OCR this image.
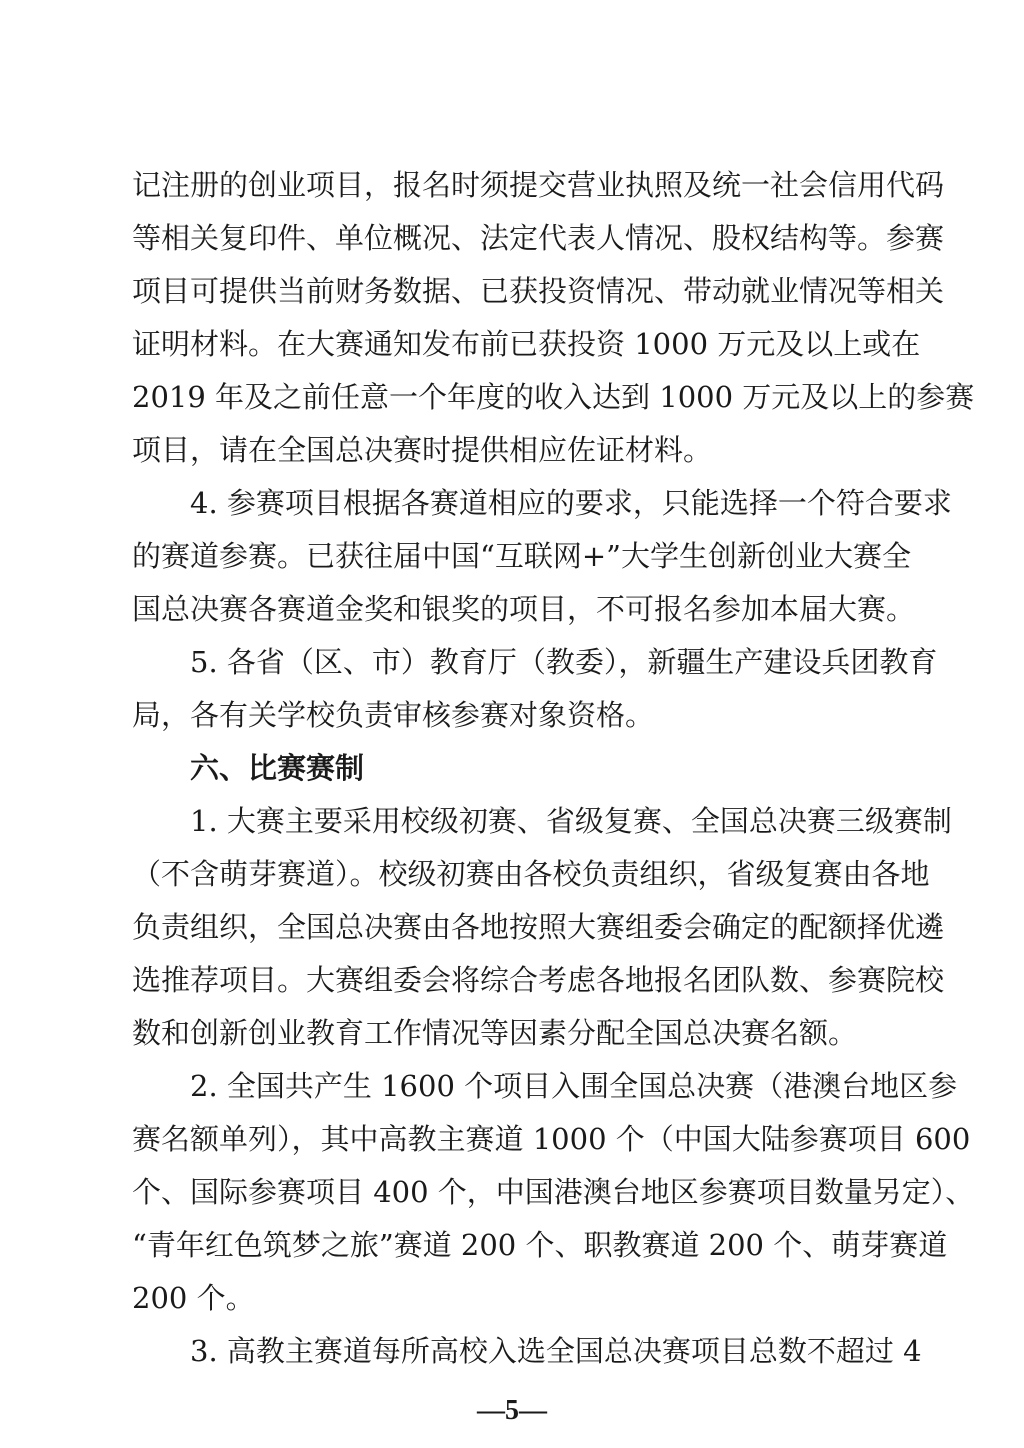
记注册的创业项目，报名时须提交营业执照及统一社会信用代码
等相关复印件、单位概况、法定代表人情况、股权结构等。参赛
项目可提供当前财务数据、已获投资情况、带动就业情况等相关
证明材料。在大赛通知发布前已获投资 1000 万元及以上或在
2019 年及之前任意一个年度的收入达到 1000 万元及以上的参赛
项目，请在全国总决赛时提供相应佐证材料。
4. 参赛项目根据各赛道相应的要求，只能选择一个符合要求
的赛道参赛。已获往届中国“互联网+”大学生创新创业大赛全
国总决赛各赛道金奖和银奖的项目，不可报名参加本届大赛。
5. 各省（区、市）教育厅（教委），新疆生产建设兵团教育
局，各有关学校负责审核参赛对象资格。
六、比赛赛制
1. 大赛主要采用校级初赛、省级复赛、全国总决赛三级赛制
（不含萌芽赛道）。校级初赛由各校负责组织，省级复赛由各地
负责组织，全国总决赛由各地按照大赛组委会确定的配额择优遴
选推荐项目。大赛组委会将综合考虑各地报名团队数、参赛院校
数和创新创业教育工作情况等因素分配全国总决赛名额。
2. 全国共产生 1600 个项目入围全国总决赛（港澳台地区参
赛名额单列），其中高教主赛道 1000 个（中国大陆参赛项目 600
个、国际参赛项目 400 个，中国港澳台地区参赛项目数量另定）、
“青年红色筑梦之旅”赛道 200 个、职教赛道 200 个、萌芽赛道
200 个。
3. 高教主赛道每所高校入选全国总决赛项目总数不超过 4
—5—
